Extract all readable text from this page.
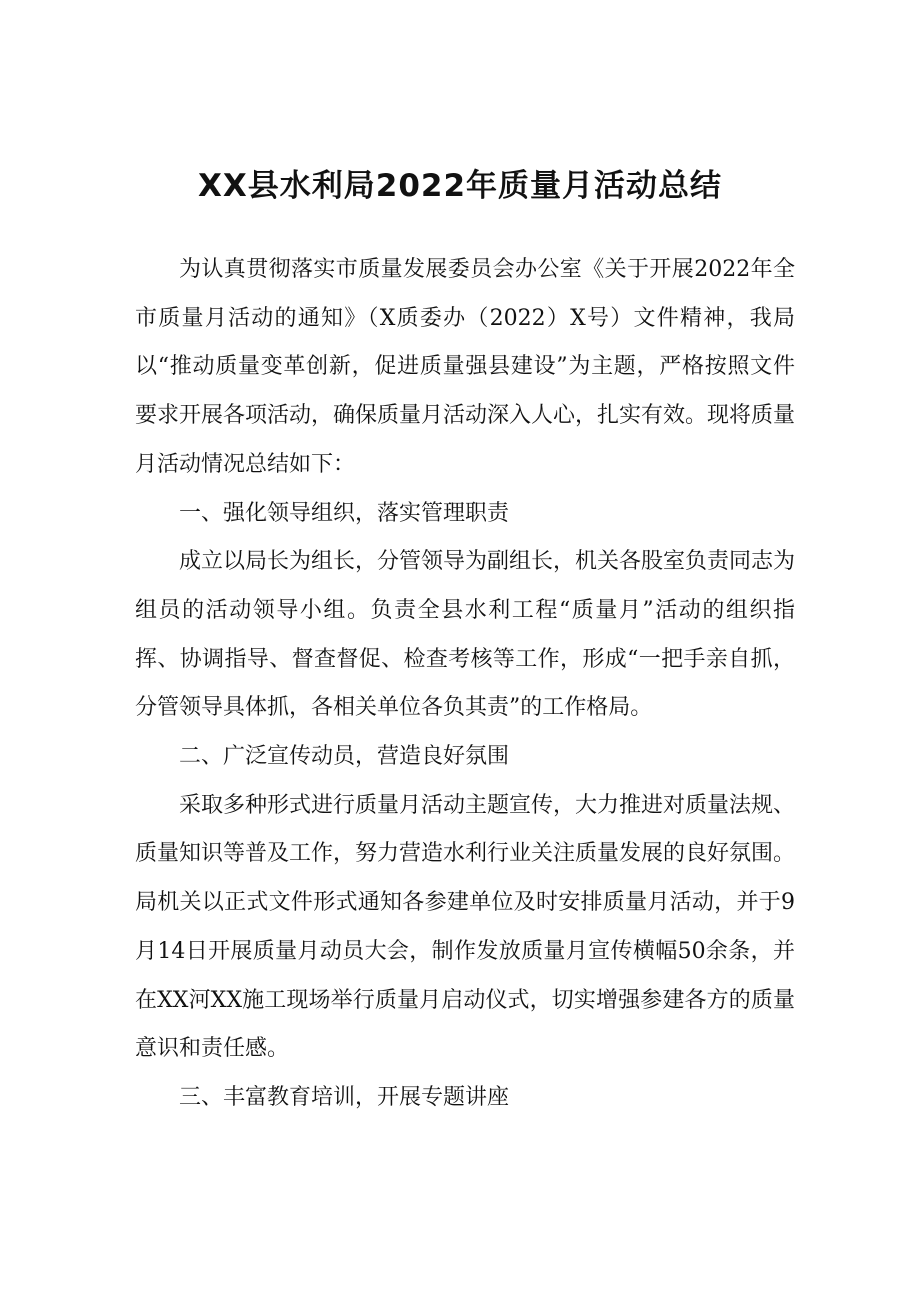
XX县水利局2022年质量月活动总结

为认真贯彻落实市质量发展委员会办公室《关于开展2022年全市质量月活动的通知》（X质委办（2022）X号）文件精神，我局以“推动质量变革创新，促进质量强县建设”为主题，严格按照文件要求开展各项活动，确保质量月活动深入人心，扎实有效。现将质量月活动情况总结如下：

一、强化领导组织，落实管理职责

成立以局长为组长，分管领导为副组长，机关各股室负责同志为组员的活动领导小组。负责全县水利工程“质量月”活动的组织指挥、协调指导、督查督促、检查考核等工作，形成“一把手亲自抓，分管领导具体抓，各相关单位各负其责”的工作格局。

二、广泛宣传动员，营造良好氛围

采取多种形式进行质量月活动主题宣传，大力推进对质量法规、质量知识等普及工作，努力营造水利行业关注质量发展的良好氛围。局机关以正式文件形式通知各参建单位及时安排质量月活动，并于9月14日开展质量月动员大会，制作发放质量月宣传横幅50余条，并在XX河XX施工现场举行质量月启动仪式，切实增强参建各方的质量意识和责任感。

三、丰富教育培训，开展专题讲座
